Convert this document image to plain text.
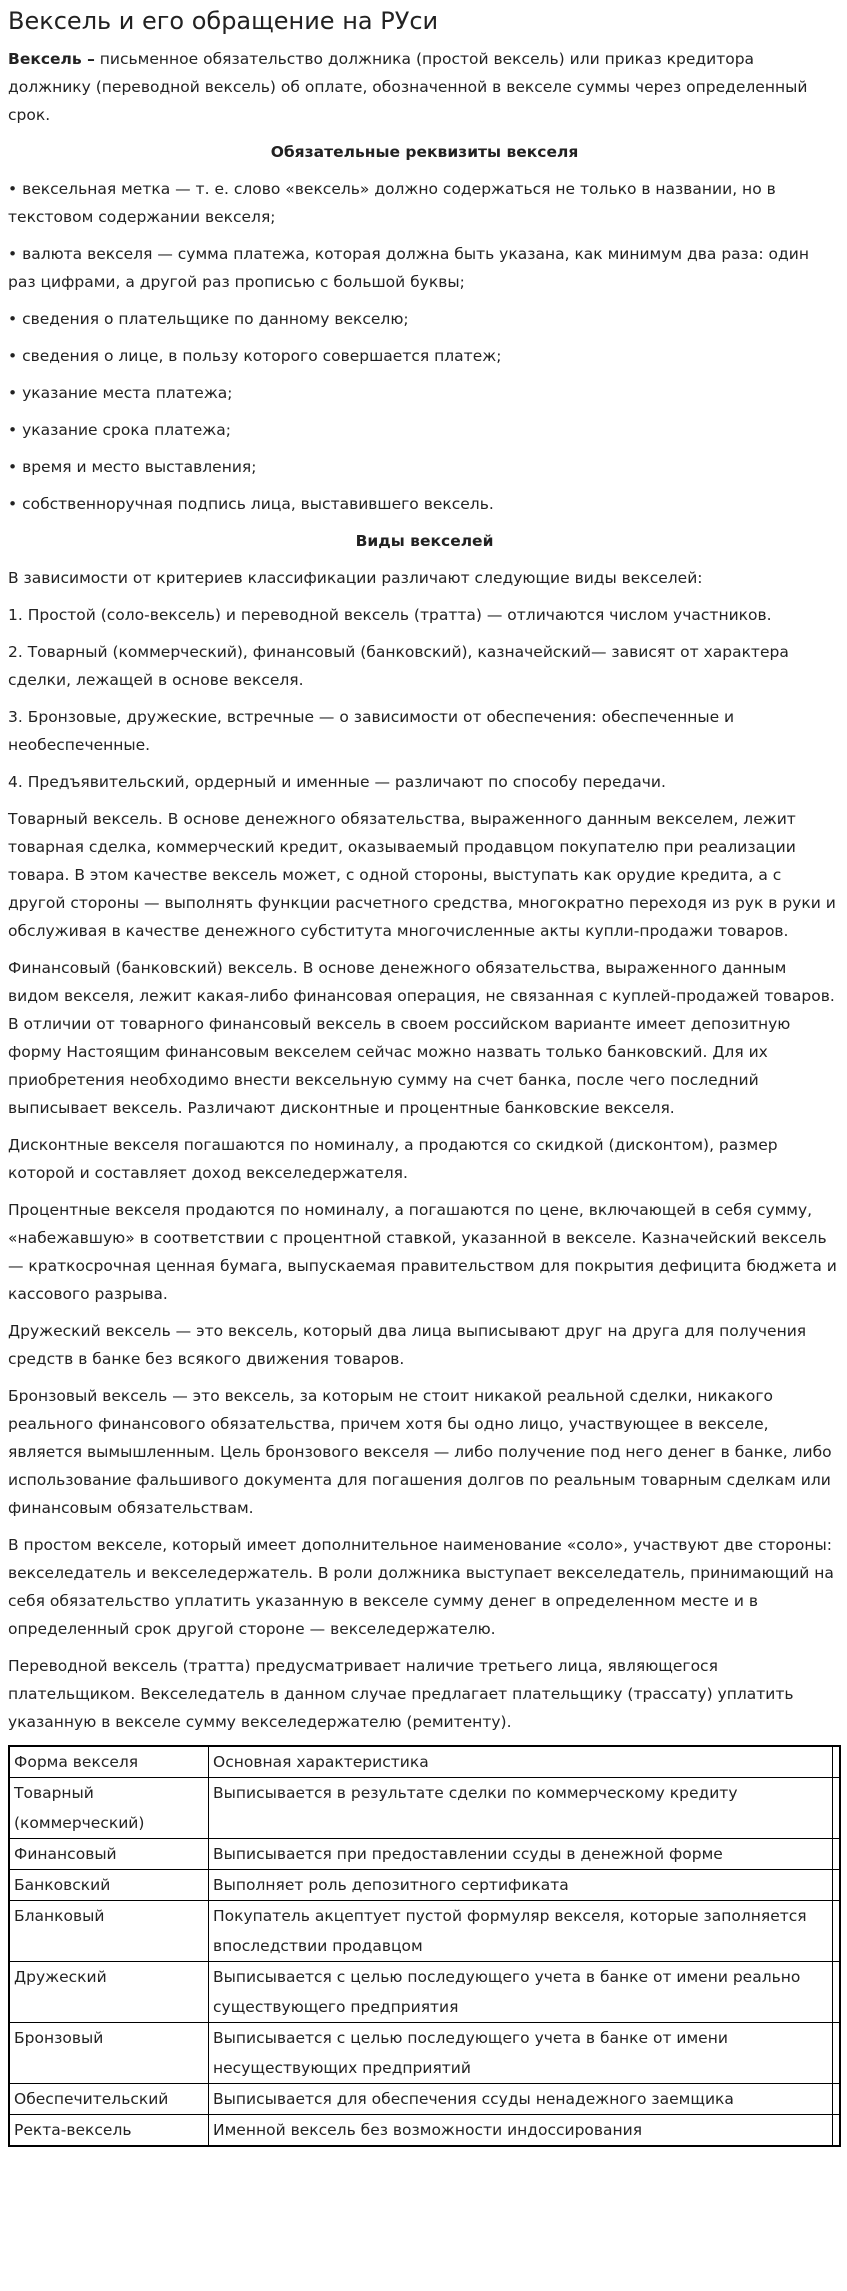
Вексель и его обращение на РУси

Вексель – письменное обязательство должника (простой вексель) или приказ кредитора должнику (переводной вексель) об оплате, обозначенной в векселе суммы через определенный срок.

Обязательные реквизиты векселя

• вексельная метка — т. е. слово «вексель» должно содержаться не только в названии, но в текстовом содержании векселя;

• валюта векселя — сумма платежа, которая должна быть указана, как минимум два раза: один раз цифрами, а другой раз прописью с большой буквы;

• сведения о плательщике по данному векселю;

• сведения о лице, в пользу которого совершается платеж;

• указание места платежа;

• указание срока платежа;

• время и место выставления;

• собственноручная подпись лица, выставившего вексель.

Виды векселей

В зависимости от критериев классификации различают следующие виды векселей:

1. Простой (соло-вексель) и переводной вексель (тратта) — отличаются числом участников.

2. Товарный (коммерческий), финансовый (банковский), казначейский— зависят от характера сделки, лежащей в основе векселя.

3. Бронзовые, дружеские, встречные — о зависимости от обеспечения: обеспеченные и необеспеченные.

4. Предъявительский, ордерный и именные — различают по способу передачи.

Товарный вексель. В основе денежного обязательства, выраженного данным векселем, лежит товарная сделка, коммерческий кредит, оказываемый продавцом покупателю при реализации товара. В этом качестве вексель может, с одной стороны, выступать как орудие кредита, а с другой стороны — выполнять функции расчетного средства, многократно переходя из рук в руки и обслуживая в качестве денежного субститута многочисленные акты купли-продажи товаров.

Финансовый (банковский) вексель. В основе денежного обязательства, выраженного данным видом векселя, лежит какая-либо финансовая операция, не связанная с куплей-продажей товаров. В отличии от товарного финансовый вексель в своем российском варианте имеет депозитную форму Настоящим финансовым векселем сейчас можно назвать только банковский. Для их приобретения необходимо внести вексельную сумму на счет банка, после чего последний выписывает вексель. Различают дисконтные и процентные банковские векселя.

Дисконтные векселя погашаются по номиналу, а продаются со скидкой (дисконтом), размер которой и составляет доход векселедержателя.

Процентные векселя продаются по номиналу, а погашаются по цене, включающей в себя сумму, «набежавшую» в соответствии с процентной ставкой, указанной в векселе. Казначейский вексель— краткосрочная ценная бумага, выпускаемая правительством для покрытия дефицита бюджета и кассового разрыва.

Дружеский вексель — это вексель, который два лица выписывают друг на друга для получения средств в банке без всякого движения товаров.

Бронзовый вексель — это вексель, за которым не стоит никакой реальной сделки, никакого реального финансового обязательства, причем хотя бы одно лицо, участвующее в векселе, является вымышленным. Цель бронзового векселя — либо получение под него денег в банке, либо использование фальшивого документа для погашения долгов по реальным товарным сделкам или финансовым обязательствам.

В простом векселе, который имеет дополнительное наименование «соло», участвуют две стороны: векселедатель и векселедержатель. В роли должника выступает векселедатель, принимающий на себя обязательство уплатить указанную в векселе сумму денег в определенном месте и в определенный срок другой стороне — векселедержателю.

Переводной вексель (тратта) предусматривает наличие третьего лица, являющегося плательщиком. Векселедатель в данном случае предлагает плательщику (трассату) уплатить указанную в векселе сумму векселедержателю (ремитенту).

Форма векселя	Основная характеристика	
Товарный (коммерческий)	Выписывается в результате сделки по коммерческому кредиту	
Финансовый	Выписывается при предоставлении ссуды в денежной форме	
Банковский	Выполняет роль депозитного сертификата	
Бланковый	Покупатель акцептует пустой формуляр векселя, которые заполняется впоследствии продавцом	
Дружеский	Выписывается с целью последующего учета в банке от имени реально существующего предприятия	
Бронзовый	Выписывается с целью последующего учета в банке от имени несуществующих предприятий	
Обеспечительский	Выписывается для обеспечения ссуды ненадежного заемщика	
Ректа-вексель	Именной вексель без возможности индоссирования	
